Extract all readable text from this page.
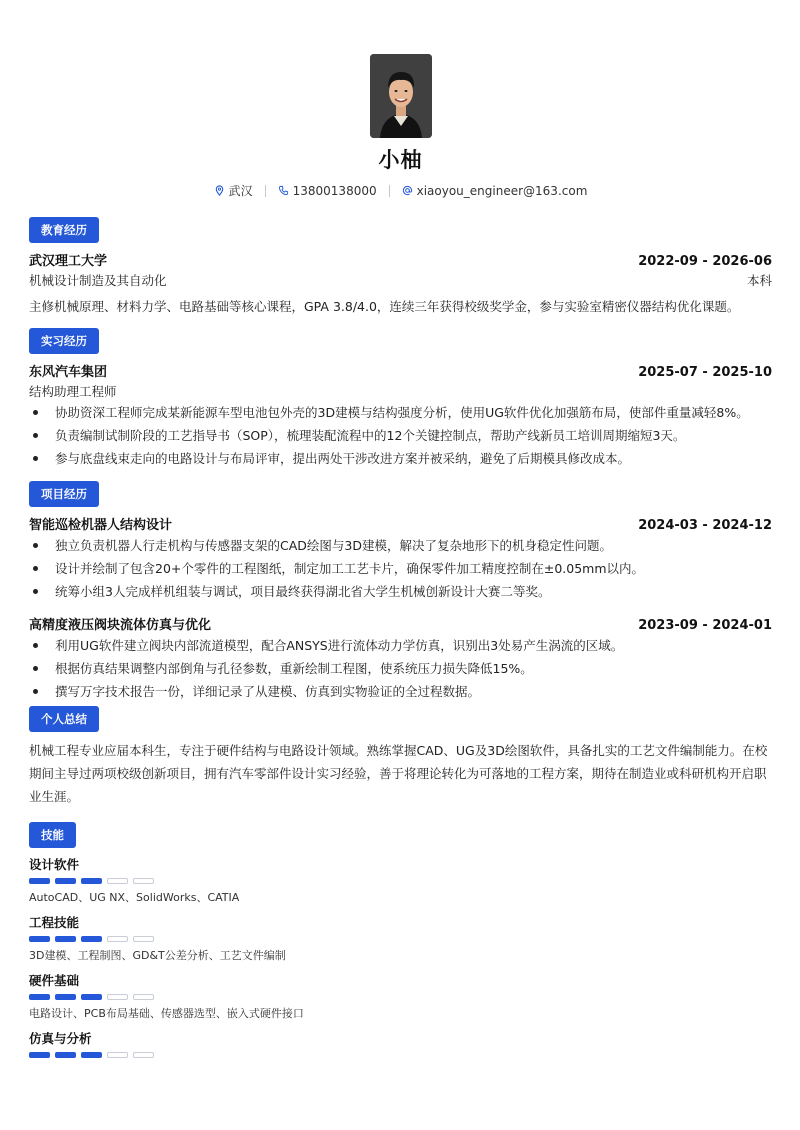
小柚
武汉	13800138000	xiaoyou_engineer@163.com
教育经历
武汉理工大学	2022-09 - 2026-06
机械设计制造及其自动化	本科
主修机械原理、材料力学、电路基础等核心课程，GPA 3.8/4.0，连续三年获得校级奖学金，参与实验室精密仪器结构优化课题。
实习经历
东风汽车集团	2025-07 - 2025-10
结构助理工程师
协助资深工程师完成某新能源车型电池包外壳的3D建模与结构强度分析，使用UG软件优化加强筋布局，使部件重量减轻8%。
负责编制试制阶段的工艺指导书（SOP），梳理装配流程中的12个关键控制点，帮助产线新员工培训周期缩短3天。
参与底盘线束走向的电路设计与布局评审，提出两处干涉改进方案并被采纳，避免了后期模具修改成本。
项目经历
智能巡检机器人结构设计	2024-03 - 2024-12
独立负责机器人行走机构与传感器支架的CAD绘图与3D建模，解决了复杂地形下的机身稳定性问题。
设计并绘制了包含20+个零件的工程图纸，制定加工工艺卡片，确保零件加工精度控制在±0.05mm以内。
统筹小组3人完成样机组装与调试，项目最终获得湖北省大学生机械创新设计大赛二等奖。
高精度液压阀块流体仿真与优化	2023-09 - 2024-01
利用UG软件建立阀块内部流道模型，配合ANSYS进行流体动力学仿真，识别出3处易产生涡流的区域。
根据仿真结果调整内部倒角与孔径参数，重新绘制工程图，使系统压力损失降低15%。
撰写万字技术报告一份，详细记录了从建模、仿真到实物验证的全过程数据。
个人总结
机械工程专业应届本科生，专注于硬件结构与电路设计领域。熟练掌握CAD、UG及3D绘图软件，具备扎实的工艺文件编制能力。在校期间主导过两项校级创新项目，拥有汽车零部件设计实习经验，善于将理论转化为可落地的工程方案，期待在制造业或科研机构开启职业生涯。
技能
设计软件
AutoCAD、UG NX、SolidWorks、CATIA
工程技能
3D建模、工程制图、GD&T公差分析、工艺文件编制
硬件基础
电路设计、PCB布局基础、传感器选型、嵌入式硬件接口
仿真与分析
